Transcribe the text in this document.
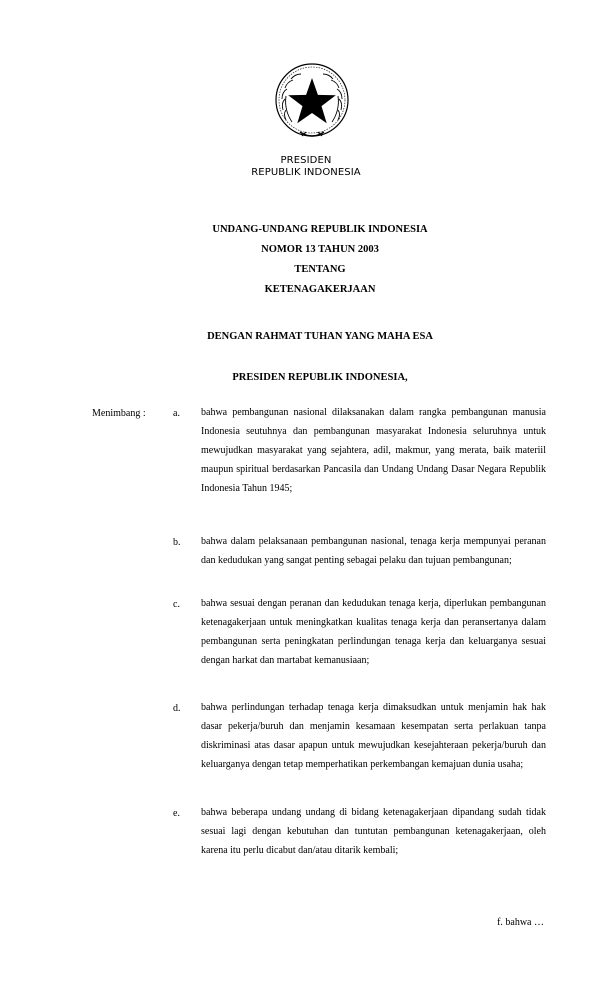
PRESIDEN
REPUBLIK INDONESIA
UNDANG-UNDANG REPUBLIK INDONESIA
NOMOR 13 TAHUN 2003
TENTANG
KETENAGAKERJAAN
DENGAN RAHMAT TUHAN YANG MAHA ESA
PRESIDEN REPUBLIK INDONESIA,
Menimbang :	a.	bahwa pembangunan nasional dilaksanakan dalam rangka pembangunan manusia Indonesia seutuhnya dan pembangunan masyarakat Indonesia seluruhnya untuk mewujudkan masyarakat yang sejahtera, adil, makmur, yang merata, baik materiil maupun spiritual berdasarkan Pancasila dan Undang Undang Dasar Negara Republik Indonesia Tahun 1945;
b.	bahwa dalam pelaksanaan pembangunan nasional, tenaga kerja mempunyai peranan dan kedudukan yang sangat penting sebagai pelaku dan tujuan pembangunan;
c.	bahwa sesuai dengan peranan dan kedudukan tenaga kerja, diperlukan pembangunan ketenagakerjaan untuk meningkatkan kualitas tenaga kerja dan peransertanya dalam pembangunan serta peningkatan perlindungan tenaga kerja dan keluarganya sesuai dengan harkat dan martabat kemanusiaan;
d.	bahwa perlindungan terhadap tenaga kerja dimaksudkan untuk menjamin hak hak dasar pekerja/buruh dan menjamin kesamaan kesempatan serta perlakuan tanpa diskriminasi atas dasar apapun untuk mewujudkan kesejahteraan pekerja/buruh dan keluarganya dengan tetap memperhatikan perkembangan kemajuan dunia usaha;
e.	bahwa beberapa undang undang di bidang ketenagakerjaan dipandang sudah tidak sesuai lagi dengan kebutuhan dan tuntutan pembangunan ketenagakerjaan, oleh karena itu perlu dicabut dan/atau ditarik kembali;
f. bahwa …
